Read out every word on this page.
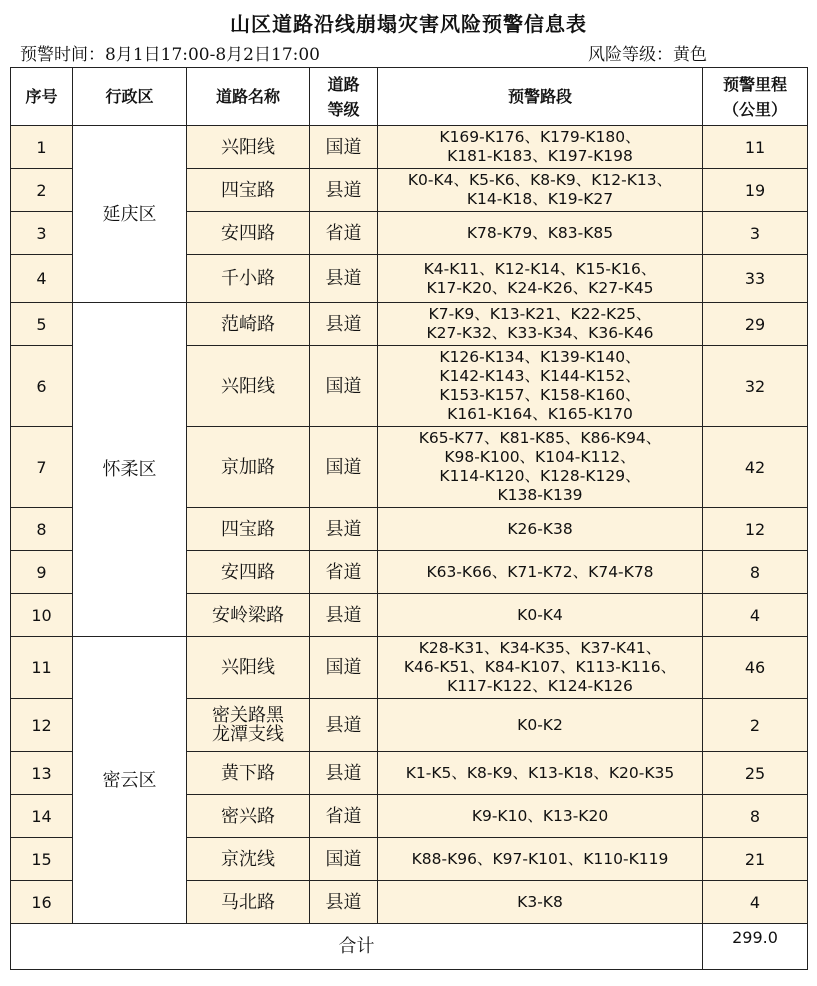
山区道路沿线崩塌灾害风险预警信息表
预警时间：8月1日17:00-8月2日17:00	风险等级：黄色
序号	行政区	道路名称	道路
等级	预警路段	预警里程
（公里）
1	延庆区	兴阳线	国道	K169-K176、K179-K180、
K181-K183、K197-K198	11
2		四宝路	县道	K0-K4、K5-K6、K8-K9、K12-K13、
K14-K18、K19-K27	19
3		安四路	省道	K78-K79、K83-K85	3
4		千小路	县道	K4-K11、K12-K14、K15-K16、
K17-K20、K24-K26、K27-K45	33
5	怀柔区	范崎路	县道	K7-K9、K13-K21、K22-K25、
K27-K32、K33-K34、K36-K46	29
6		兴阳线	国道	K126-K134、K139-K140、
K142-K143、K144-K152、
K153-K157、K158-K160、
K161-K164、K165-K170	32
7		京加路	国道	K65-K77、K81-K85、K86-K94、
K98-K100、K104-K112、
K114-K120、K128-K129、
K138-K139	42
8		四宝路	县道	K26-K38	12
9		安四路	省道	K63-K66、K71-K72、K74-K78	8
10		安岭梁路	县道	K0-K4	4
11	密云区	兴阳线	国道	K28-K31、K34-K35、K37-K41、
K46-K51、K84-K107、K113-K116、
K117-K122、K124-K126	46
12		密关路黑
龙潭支线	县道	K0-K2	2
13		黄下路	县道	K1-K5、K8-K9、K13-K18、K20-K35	25
14		密兴路	省道	K9-K10、K13-K20	8
15		京沈线	国道	K88-K96、K97-K101、K110-K119	21
16		马北路	县道	K3-K8	4
合计					299.0
